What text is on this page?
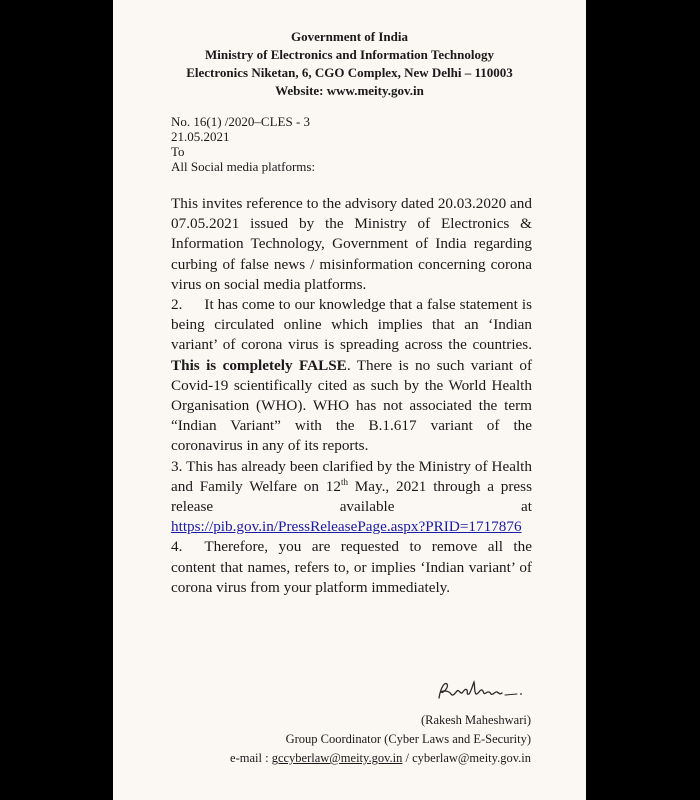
Government of India
Ministry of Electronics and Information Technology
Electronics Niketan, 6, CGO Complex, New Delhi – 110003
Website: www.meity.gov.in
No. 16(1) /2020–CLES - 3
21.05.2021
To
All Social media platforms:

This invites reference to the advisory dated 20.03.2020 and 07.05.2021 issued by the Ministry of Electronics & Information Technology, Government of India regarding curbing of false news / misinformation concerning corona virus on social media platforms.

2. It has come to our knowledge that a false statement is being circulated online which implies that an ‘Indian variant’ of corona virus is spreading across the countries. This is completely FALSE. There is no such variant of Covid-19 scientifically cited as such by the World Health Organisation (WHO). WHO has not associated the term “Indian Variant” with the B.1.617 variant of the coronavirus in any of its reports.

3. This has already been clarified by the Ministry of Health and Family Welfare on 12th May., 2021 through a press release available at https://pib.gov.in/PressReleasePage.aspx?PRID=1717876

4. Therefore, you are requested to remove all the content that names, refers to, or implies ‘Indian variant’ of corona virus from your platform immediately.

(Rakesh Maheshwari)
Group Coordinator (Cyber Laws and E-Security)
e-mail : gccyberlaw@meity.gov.in / cyberlaw@meity.gov.in
